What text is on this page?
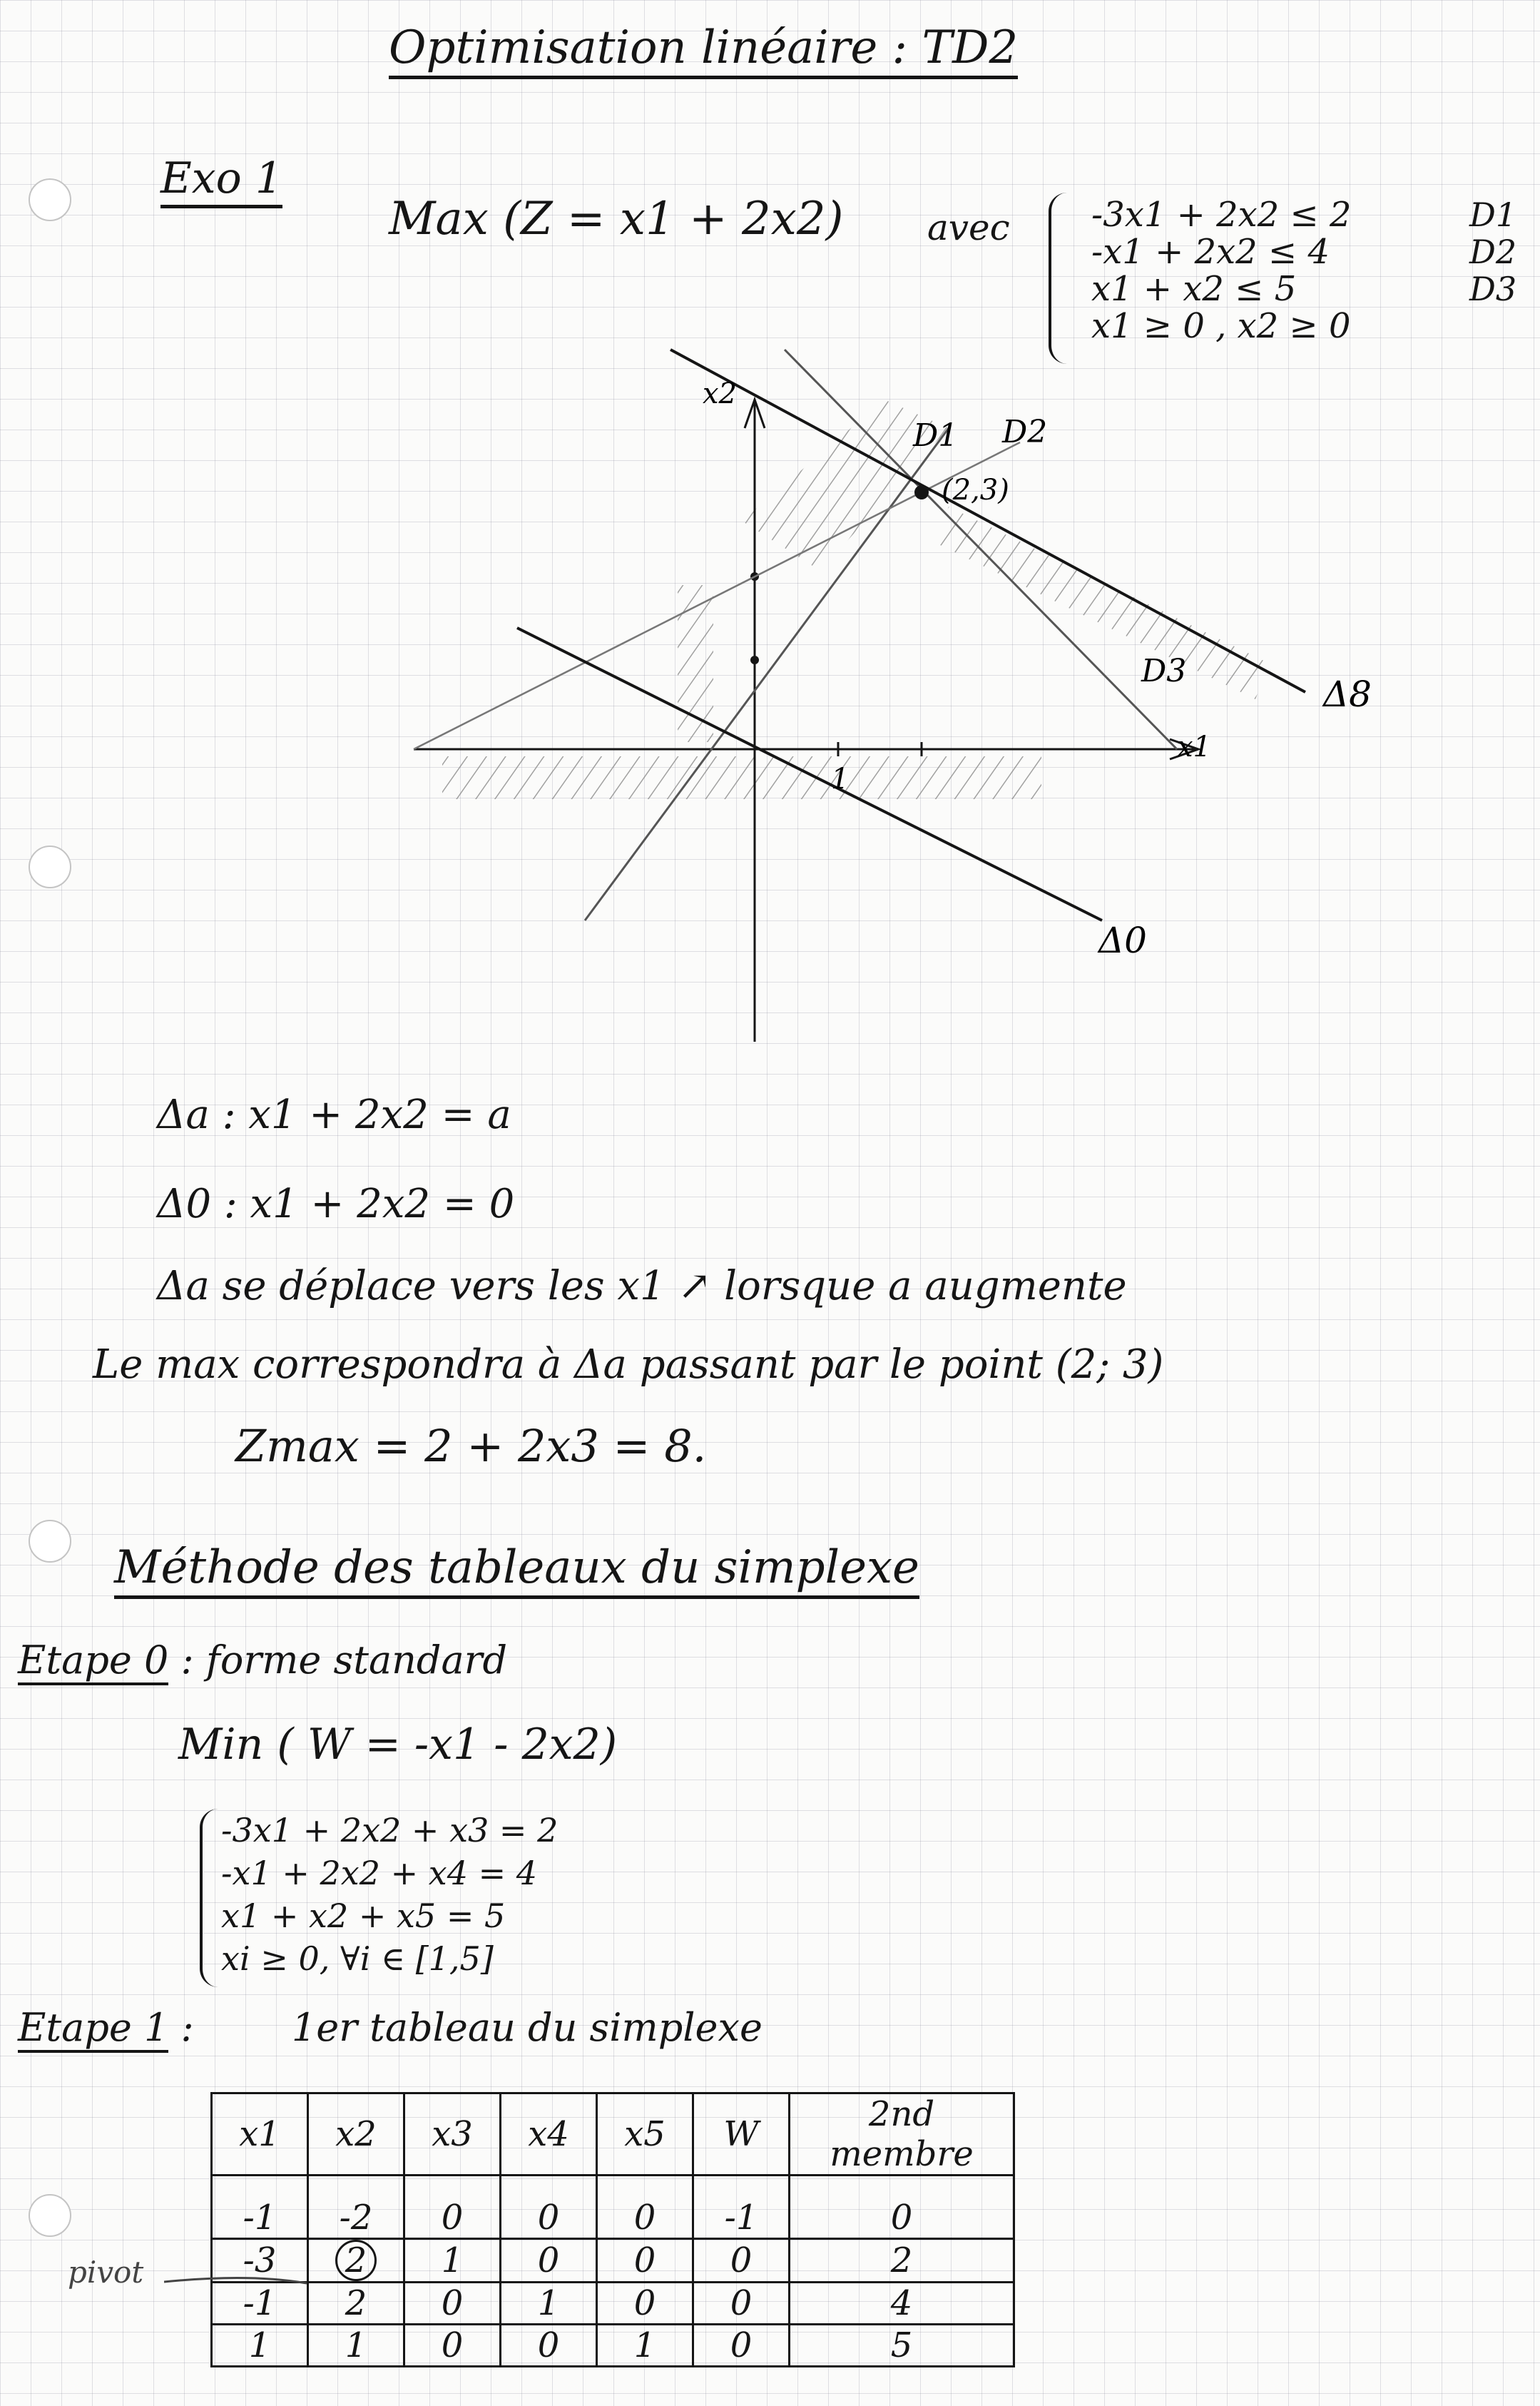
Optimisation linéaire : TD2
Exo 1
Max (Z = x1 + 2x2) avec -3x1 + 2x2 ≤ 2
-x1 + 2x2 ≤ 4
x1 + x2 ≤ 5
x1 ≥ 0 , x2 ≥ 0
D1
D2
D3
x1
x2
1
D1 D2
D3
Δ8
Δ0
(2,3)
Δa : x1 + 2x2 = a
Δ0 : x1 + 2x2 = 0
Δa se déplace vers les x1 ↗ lorsque a augmente
Le max correspondra à Δa passant par le point (2; 3)
Zmax = 2 + 2x3 = 8.
Méthode des tableaux du simplexe
Etape 0 : forme standard
Min ( W = -x1 - 2x2)
-3x1 + 2x2 + x3 = 2
-x1 + 2x2 + x4 = 4
x1 + x2 + x5 = 5
xi ≥ 0, ∀i ∈ [1,5]
Etape 1 : 1er tableau du simplexe
x1	x2	x3	x4	x5	W	2nd membre
-1	-2	0	0	0	-1	0
-3	2	1	0	0	0	2
-1	2	0	1	0	0	4
1	1	0	0	1	0	5
pivot
